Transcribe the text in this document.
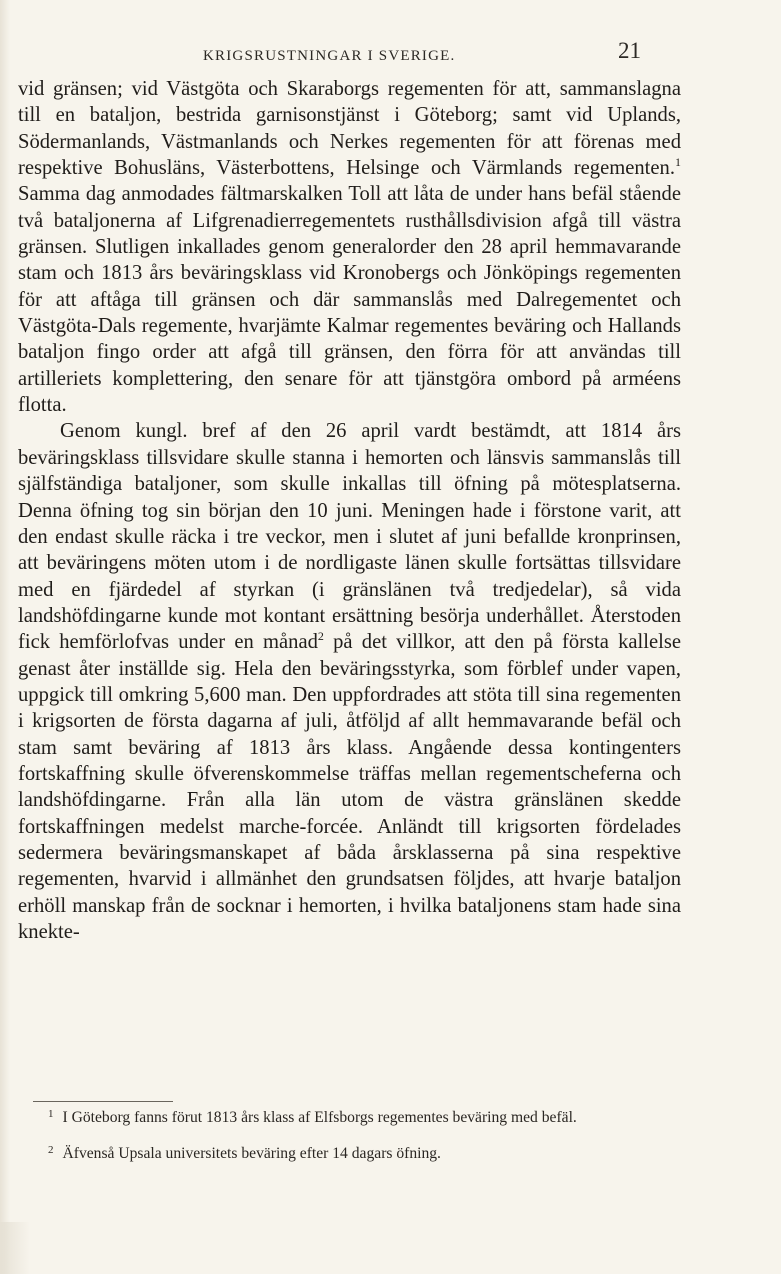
KRIGSRUSTNINGAR I SVERIGE.	21

vid gränsen; vid Västgöta och Skaraborgs regementen för att, sammanslagna till en bataljon, bestrida garnisonstjänst i Göteborg; samt vid Uplands, Södermanlands, Västmanlands och Nerkes regementen för att förenas med respektive Bohusläns, Västerbottens, Helsinge och Värmlands regementen.$^1$ Samma dag anmodades fältmarskalken Toll att låta de under hans befäl stående två bataljonerna af Lifgrenadierregementets rusthållsdivision afgå till västra gränsen. Slutligen inkallades genom generalorder den 28 april hemmavarande stam och 1813 års beväringsklass vid Kronobergs och Jönköpings regementen för att aftåga till gränsen och där sammanslås med Dalregementet och Västgöta-Dals regemente, hvarjämte Kalmar regementes beväring och Hallands bataljon fingo order att afgå till gränsen, den förra för att användas till artilleriets komplettering, den senare för att tjänstgöra ombord på arméens flotta.

Genom kungl. bref af den 26 april vardt bestämdt, att 1814 års beväringsklass tillsvidare skulle stanna i hemorten och länsvis sammanslås till själfständiga bataljoner, som skulle inkallas till öfning på mötesplatserna. Denna öfning tog sin början den 10 juni. Meningen hade i förstone varit, att den endast skulle räcka i tre veckor, men i slutet af juni befallde kronprinsen, att beväringens möten utom i de nordligaste länen skulle fortsättas tillsvidare med en fjärdedel af styrkan (i gränslänen två tredjedelar), så vida landshöfdingarne kunde mot kontant ersättning besörja underhållet. Återstoden fick hemförlofvas under en månad$^2$ på det villkor, att den på första kallelse genast åter inställde sig. Hela den beväringsstyrka, som förblef under vapen, uppgick till omkring 5,600 man. Den uppfordrades att stöta till sina regementen i krigsorten de första dagarna af juli, åtföljd af allt hemmavarande befäl och stam samt beväring af 1813 års klass. Angående dessa kontingenters fortskaffning skulle öfverenskommelse träffas mellan regementscheferna och landshöfdingarne. Från alla län utom de västra gränslänen skedde fortskaffningen medelst marche-forcée. Anländt till krigsorten fördelades sedermera beväringsmanskapet af båda årsklasserna på sina respektive regementen, hvarvid i allmänhet den grundsatsen följdes, att hvarje bataljon erhöll manskap från de socknar i hemorten, i hvilka bataljonens stam hade sina knekte-

$^1$ I Göteborg fanns förut 1813 års klass af Elfsborgs regementes beväring med befäl.

$^2$ Äfvenså Upsala universitets beväring efter 14 dagars öfning.
